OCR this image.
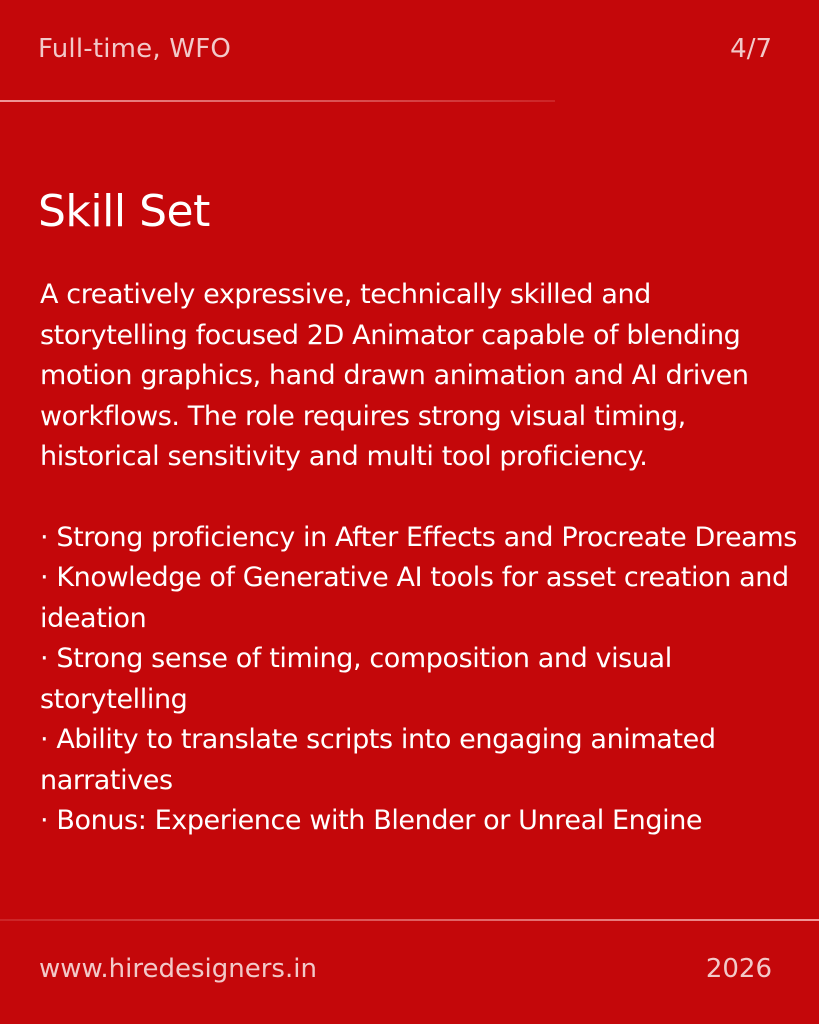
Full-time, WFO	4/7
Skill Set

A creatively expressive, technically skilled and storytelling focused 2D Animator capable of blending motion graphics, hand drawn animation and AI driven workflows. The role requires strong visual timing, historical sensitivity and multi tool proficiency.

· Strong proficiency in After Effects and Procreate Dreams

· Knowledge of Generative AI tools for asset creation and ideation

· Strong sense of timing, composition and visual storytelling

· Ability to translate scripts into engaging animated narratives

· Bonus: Experience with Blender or Unreal Engine

www.hiredesigners.in	2026
